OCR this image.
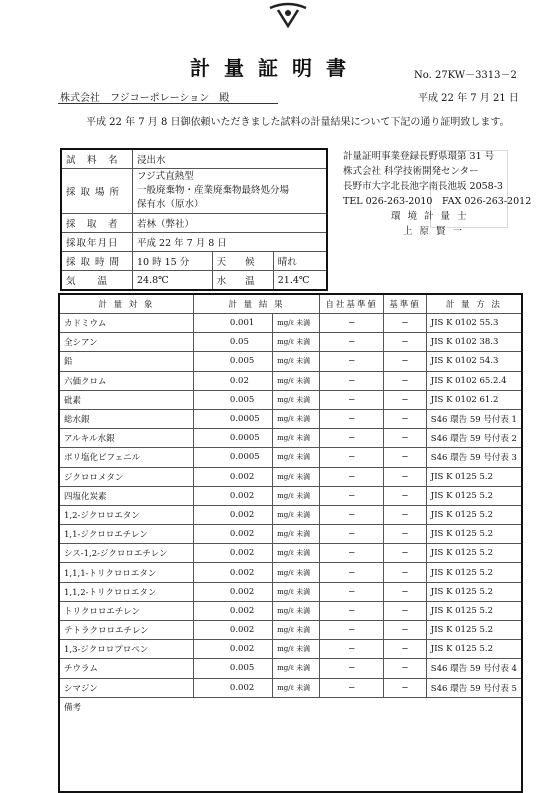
計量証明書	No. 27KW－3313－2
株式会社　フジコーポレーション 殿	平成 22 年 7 月 21 日
平成 22 年 7 月 8 日御依頼いただきました試料の計量結果について下記の通り証明致します。
試　料　名	浸出水		
採 取 場 所	フジ式直熱型
一般廃棄物・産業廃棄物最終処分場
保有水（原水）		

採　取　者	若林（弊社）		
採取年月日	平成 22 年 7 月 8 日		
採 取 時 間	10 時 15 分	天　　候	晴れ
気　　温	24.8℃	水　　温	21.4℃
計量証明事業登録長野県環第 31 号
株式会社 科学技術開発センター
長野市大字北長池字南長池坂 2058-3
TEL 026-263-2010　FAX 026-263-2012
環 境 計 量 士
上 原 賢 一
計 量 対 象	計 量 結 果		自社基準値	基準値	計 量 方 法
カドミウム	0.001	mg/ℓ 未満	−	−	JIS K 0102 55.3
全シアン	0.05	mg/ℓ 未満	−	−	JIS K 0102 38.3
鉛	0.005	mg/ℓ 未満	−	−	JIS K 0102 54.3
六価クロム	0.02	mg/ℓ 未満	−	−	JIS K 0102 65.2.4
砒素	0.005	mg/ℓ 未満	−	−	JIS K 0102 61.2
総水銀	0.0005	mg/ℓ 未満	−	−	S46 環告 59 号付表 1
アルキル水銀	0.0005	mg/ℓ 未満	−	−	S46 環告 59 号付表 2
ポリ塩化ビフェニル	0.0005	mg/ℓ 未満	−	−	S46 環告 59 号付表 3
ジクロロメタン	0.002	mg/ℓ 未満	−	−	JIS K 0125 5.2
四塩化炭素	0.002	mg/ℓ 未満	−	−	JIS K 0125 5.2
1,2-ジクロロエタン	0.002	mg/ℓ 未満	−	−	JIS K 0125 5.2
1,1-ジクロロエチレン	0.002	mg/ℓ 未満	−	−	JIS K 0125 5.2
シス-1,2-ジクロロエチレン	0.002	mg/ℓ 未満	−	−	JIS K 0125 5.2
1,1,1-トリクロロエタン	0.002	mg/ℓ 未満	−	−	JIS K 0125 5.2
1,1,2-トリクロロエタン	0.002	mg/ℓ 未満	−	−	JIS K 0125 5.2
トリクロロエチレン	0.002	mg/ℓ 未満	−	−	JIS K 0125 5.2
テトラクロロエチレン	0.002	mg/ℓ 未満	−	−	JIS K 0125 5.2
1,3-ジクロロプロペン	0.002	mg/ℓ 未満	−	−	JIS K 0125 5.2
チウラム	0.005	mg/ℓ 未満	−	−	S46 環告 59 号付表 4
シマジン	0.002	mg/ℓ 未満	−	−	S46 環告 59 号付表 5
備考					
